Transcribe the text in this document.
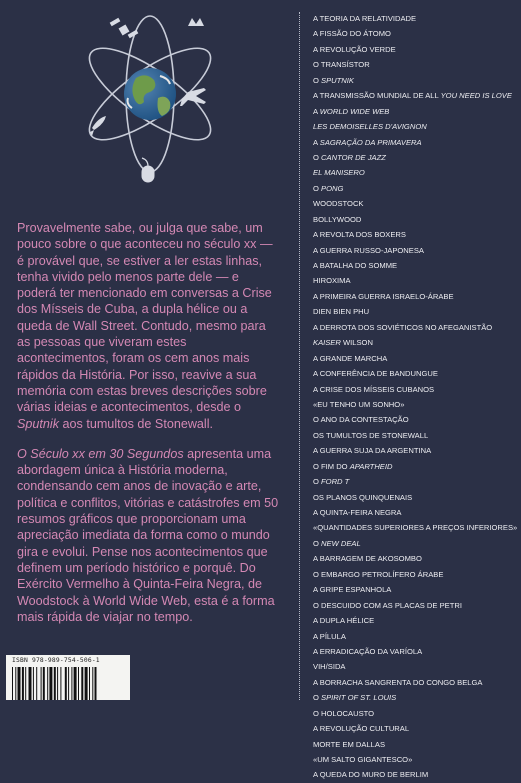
Provavelmente sabe, ou julga que sabe, um pouco sobre o que aconteceu no século xx — é provável que, se estiver a ler estas linhas, tenha vivido pelo menos parte dele — e poderá ter mencionado em conversas a Crise dos Mísseis de Cuba, a dupla hélice ou a queda de Wall Street. Contudo, mesmo para as pessoas que viveram estes acontecimentos, foram os cem anos mais rápidos da História. Por isso, reavive a sua memória com estas breves descrições sobre várias ideias e acontecimentos, desde o Sputnik aos tumultos de Stonewall.

O Século xx em 30 Segundos apresenta uma abordagem única à História moderna, condensando cem anos de inovação e arte, política e conflitos, vitórias e catástrofes em 50 resumos gráficos que proporcionam uma apreciação imediata da forma como o mundo gira e evolui. Pense nos acontecimentos que definem um período histórico e porquê. Do Exército Vermelho à Quinta-Feira Negra, de Woodstock à World Wide Web, esta é a forma mais rápida de viajar no tempo.

A TEORIA DA RELATIVIDADE
A FISSÃO DO ÁTOMO
A REVOLUÇÃO VERDE
O TRANSÍSTOR
O SPUTNIK
A TRANSMISSÃO MUNDIAL DE ALL YOU NEED IS LOVE
A WORLD WIDE WEB
LES DEMOISELLES D'AVIGNON
A SAGRAÇÃO DA PRIMAVERA
O CANTOR DE JAZZ
EL MANISERO
O PONG
WOODSTOCK
BOLLYWOOD
A REVOLTA DOS BOXERS
A GUERRA RUSSO-JAPONESA
A BATALHA DO SOMME
HIROXIMA
A PRIMEIRA GUERRA ISRAELO-ÁRABE
DIEN BIEN PHU
A DERROTA DOS SOVIÉTICOS NO AFEGANISTÃO
KAISER WILSON
A GRANDE MARCHA
A CONFERÊNCIA DE BANDUNGUE
A CRISE DOS MÍSSEIS CUBANOS
«EU TENHO UM SONHO»
O ANO DA CONTESTAÇÃO
OS TUMULTOS DE STONEWALL
A GUERRA SUJA DA ARGENTINA
O FIM DO APARTHEID
O FORD T
OS PLANOS QUINQUENAIS
A QUINTA-FEIRA NEGRA
«QUANTIDADES SUPERIORES A PREÇOS INFERIORES»
O NEW DEAL
A BARRAGEM DE AKOSOMBO
O EMBARGO PETROLÍFERO ÁRABE
A GRIPE ESPANHOLA
O DESCUIDO COM AS PLACAS DE PETRI
A DUPLA HÉLICE
A PÍLULA
A ERRADICAÇÃO DA VARÍOLA
VIH/SIDA
A BORRACHA SANGRENTA DO CONGO BELGA
O SPIRIT OF ST. LOUIS
O HOLOCAUSTO
A REVOLUÇÃO CULTURAL
MORTE EM DALLAS
«UM SALTO GIGANTESCO»
A QUEDA DO MURO DE BERLIM
ISBN 978-989-754-506-1
